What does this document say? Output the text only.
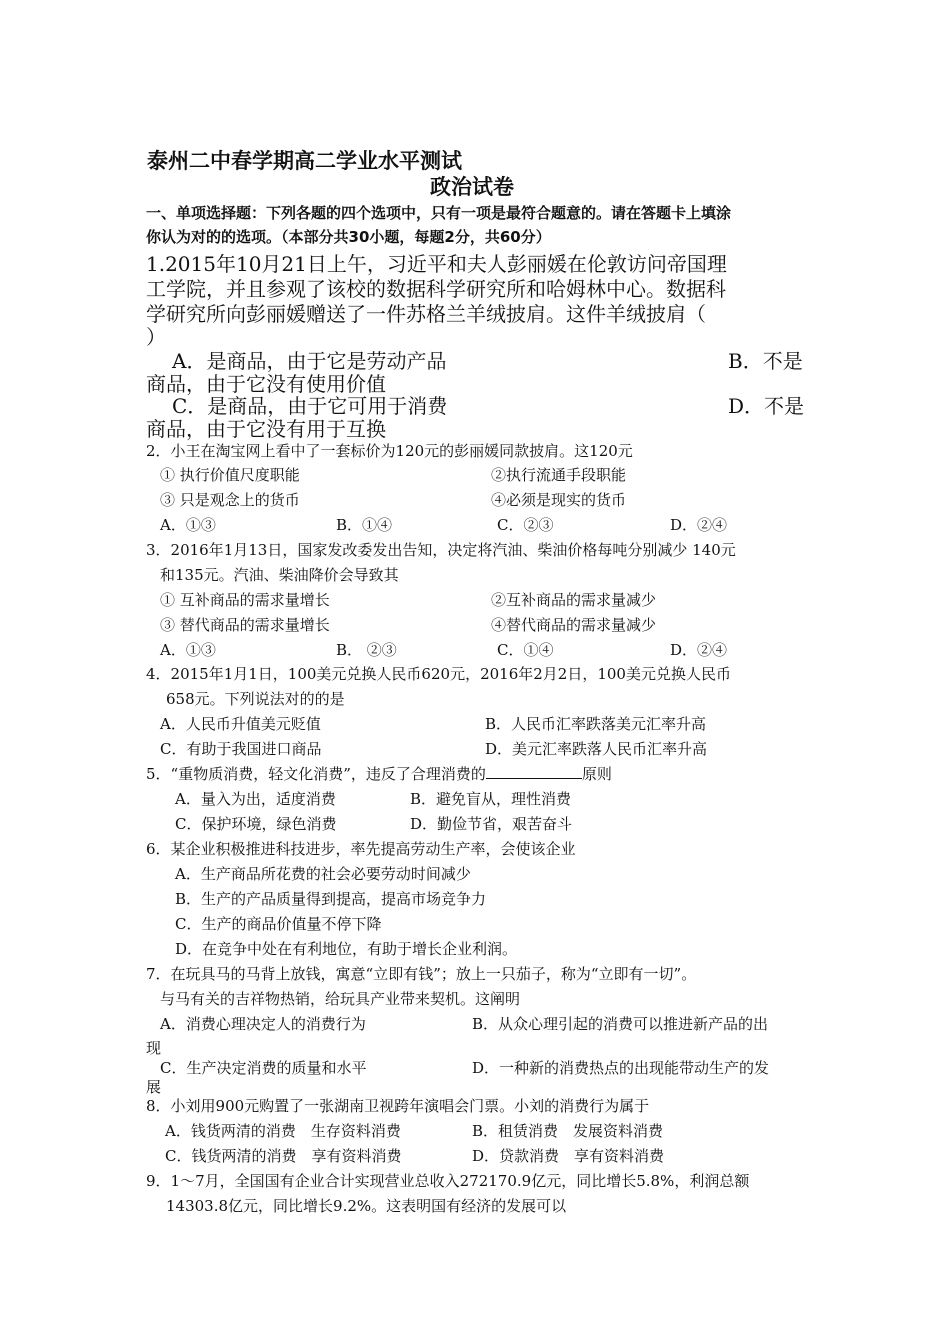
泰州二中春学期高二学业水平测试
政治试卷
一、单项选择题：下列各题的四个选项中，只有一项是最符合题意的。请在答题卡上填涂
你认为对的的选项。（本部分共30小题，每题2分，共60分）
1.2015年10月21日上午，习近平和夫人彭丽媛在伦敦访问帝国理
工学院，并且参观了该校的数据科学研究所和哈姆林中心。数据科
学研究所向彭丽媛赠送了一件苏格兰羊绒披肩。这件羊绒披肩（
）
A．是商品，由于它是劳动产品	B．不是
商品，由于它没有使用价值
C．是商品，由于它可用于消费	D．不是
商品，由于它没有用于互换
2．小王在淘宝网上看中了一套标价为120元的彭丽媛同款披肩。这120元
① 执行价值尺度职能	②执行流通手段职能
③ 只是观念上的货币	④必须是现实的货币
A．①③	B．①④	C．②③	D．②④
3．2016年1月13日，国家发改委发出告知，决定将汽油、柴油价格每吨分别减少 140元
和135元。汽油、柴油降价会导致其
① 互补商品的需求量增长	②互补商品的需求量减少
③ 替代商品的需求量增长	④替代商品的需求量减少
A．①③	B． ②③	C．①④	D．②④
4．2015年1月1日，100美元兑换人民币620元，2016年2月2日，100美元兑换人民币
658元。下列说法对的的是
A．人民币升值美元贬值	B．人民币汇率跌落美元汇率升高
C．有助于我国进口商品	D．美元汇率跌落人民币汇率升高
5．“重物质消费，轻文化消费”，违反了合理消费的	原则
A．量入为出，适度消费	B．避免盲从，理性消费
C．保护环境，绿色消费	D．勤俭节省，艰苦奋斗
6．某企业积极推进科技进步，率先提高劳动生产率，会使该企业
A．生产商品所花费的社会必要劳动时间减少
B．生产的产品质量得到提高，提高市场竞争力
C．生产的商品价值量不停下降
D．在竞争中处在有利地位，有助于增长企业利润。
7．在玩具马的马背上放钱，寓意“立即有钱”；放上一只茄子，称为“立即有一切”。
与马有关的吉祥物热销，给玩具产业带来契机。这阐明
A．消费心理决定人的消费行为	B．从众心理引起的消费可以推进新产品的出
现
C．生产决定消费的质量和水平	D．一种新的消费热点的出现能带动生产的发
展
8．小刘用900元购置了一张湖南卫视跨年演唱会门票。小刘的消费行为属于
A．钱货两清的消费　生存资料消费	B．租赁消费　发展资料消费
C．钱货两清的消费　享有资料消费	D．贷款消费　享有资料消费
9．1～7月，全国国有企业合计实现营业总收入272170.9亿元，同比增长5.8%，利润总额
14303.8亿元，同比增长9.2%。这表明国有经济的发展可以
